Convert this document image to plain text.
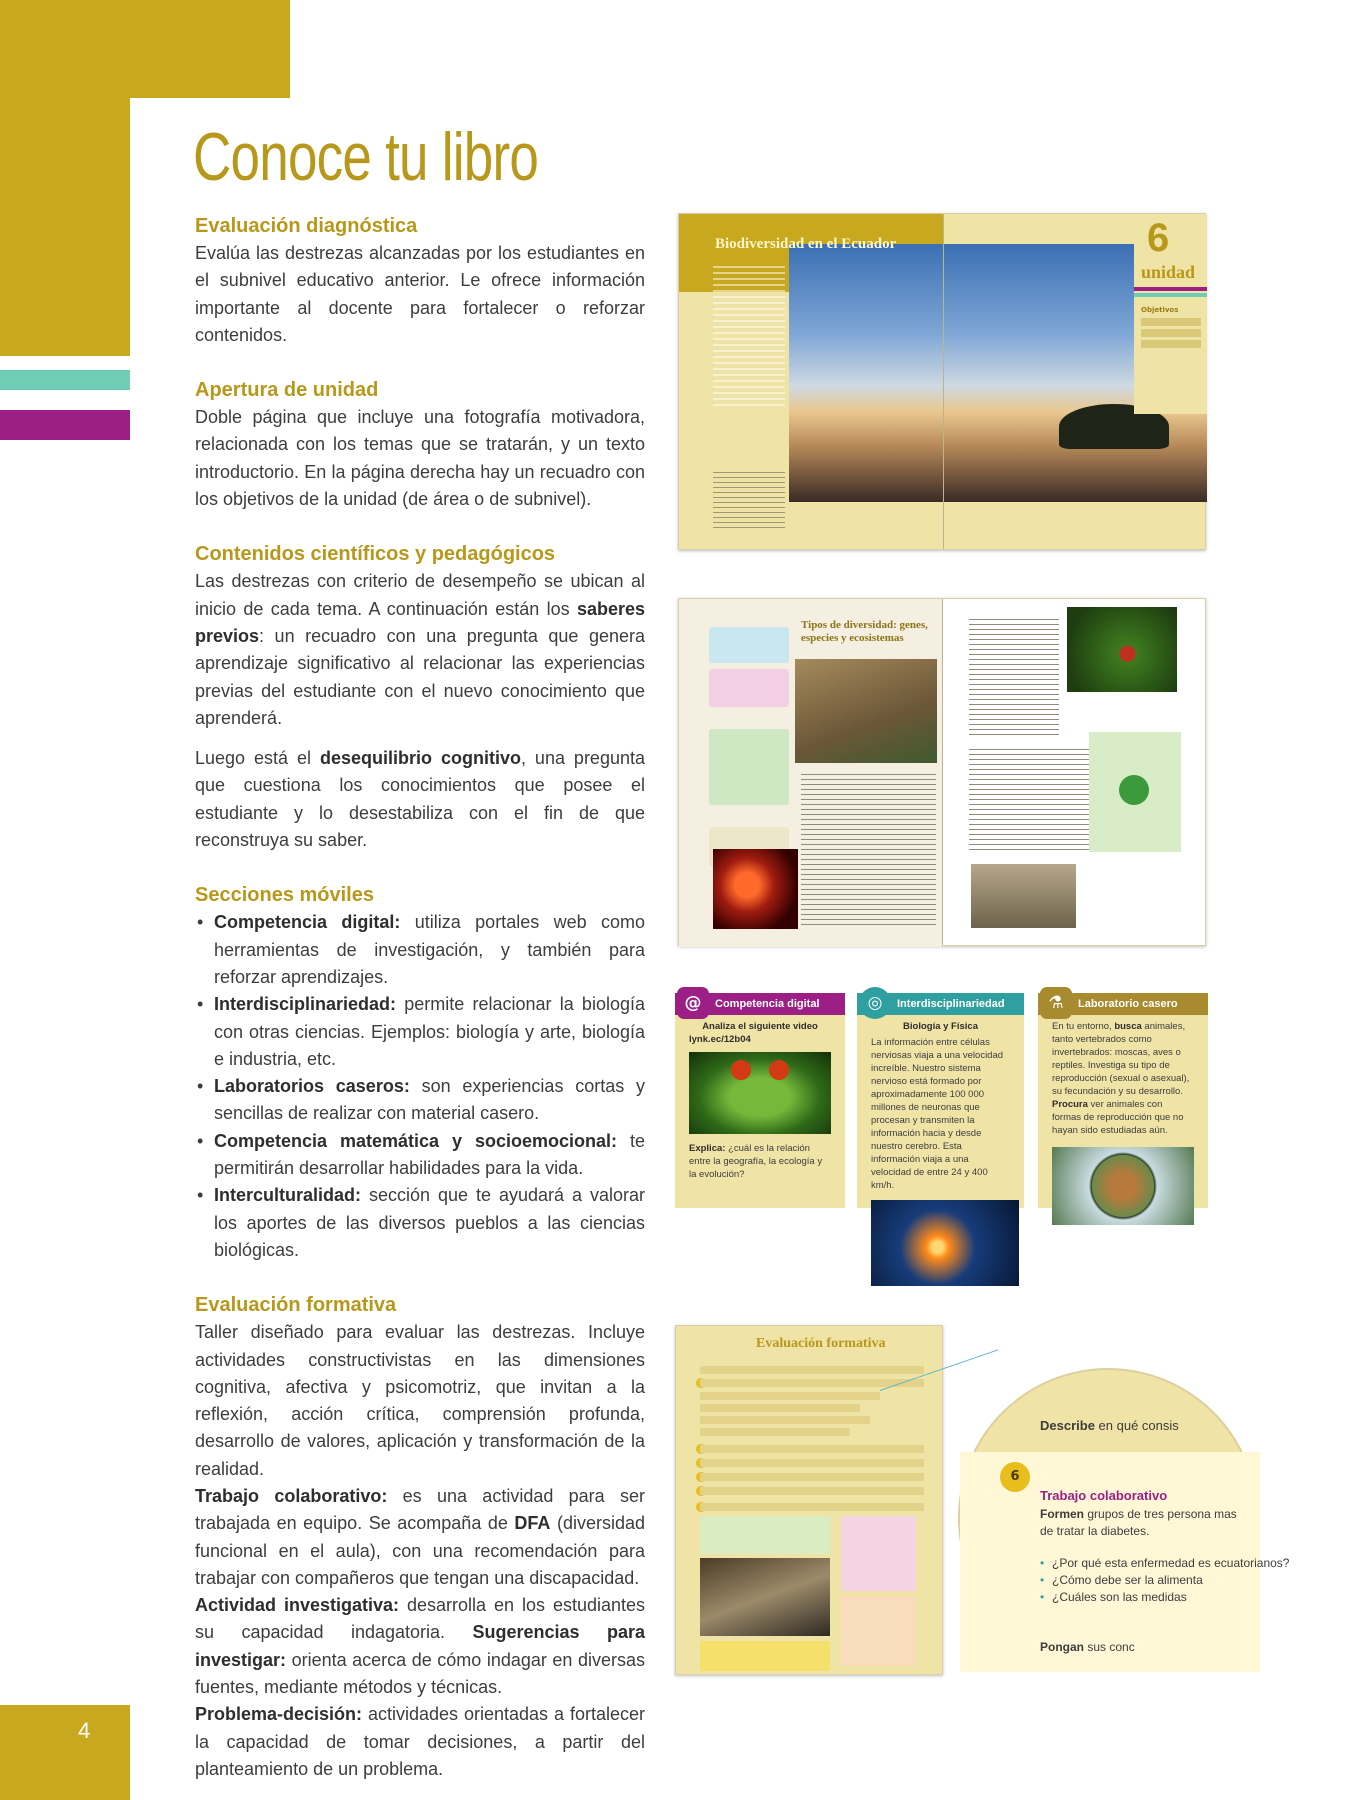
4
Conoce tu libro
Evaluación diagnóstica

Evalúa las destrezas alcanzadas por los estudiantes en el subnivel educativo anterior. Le ofrece información importante al docente para fortalecer o reforzar contenidos.

Apertura de unidad

Doble página que incluye una fotografía motivadora, relacionada con los temas que se tratarán, y un texto introductorio. En la página derecha hay un recuadro con los objetivos de la unidad (de área o de subnivel).

Contenidos científicos y pedagógicos

Las destrezas con criterio de desempeño se ubican al inicio de cada tema. A continuación están los saberes previos: un recuadro con una pregunta que genera aprendizaje significativo al relacionar las experiencias previas del estudiante con el nuevo conocimiento que aprenderá.

Luego está el desequilibrio cognitivo, una pregunta que cuestiona los conocimientos que posee el estudiante y lo desestabiliza con el fin de que reconstruya su saber.

Secciones móviles
• Competencia digital: utiliza portales web como herramientas de investigación, y también para reforzar aprendizajes.
• Interdisciplinariedad: permite relacionar la biología con otras ciencias. Ejemplos: biología y arte, biología e industria, etc.
• Laboratorios caseros: son experiencias cortas y sencillas de realizar con material casero.
• Competencia matemática y socioemocional: te permitirán desarrollar habilidades para la vida.
• Interculturalidad: sección que te ayudará a valorar los aportes de las diversos pueblos a las ciencias biológicas.
Evaluación formativa

Taller diseñado para evaluar las destrezas. Incluye actividades constructivistas en las dimensiones cognitiva, afectiva y psicomotriz, que invitan a la reflexión, acción crítica, comprensión profunda, desarrollo de valores, aplicación y transformación de la realidad.

Trabajo colaborativo: es una actividad para ser trabajada en equipo. Se acompaña de DFA (diversidad funcional en el aula), con una recomendación para trabajar con compañeros que tengan una discapacidad.

Actividad investigativa: desarrolla en los estudiantes su capacidad indagatoria. Sugerencias para investigar: orienta acerca de cómo indagar en diversas fuentes, mediante métodos y técnicas.

Problema-decisión: actividades orientadas a fortalecer la capacidad de tomar decisiones, a partir del planteamiento de un problema.

Biodiversidad en el Ecuador	6
unidad
Objetivos
Tipos de diversidad: genes, especies y ecosistemas
@	Competencia digital
Analiza el siguiente video
lynk.ec/12b04
Explica: ¿cuál es la relación entre la geografía, la ecología y la evolución?
◎	Interdisciplinariedad
Biología y Física
La información entre células nerviosas viaja a una velocidad increíble. Nuestro sistema nervioso está formado por aproximadamente 100 000 millones de neuronas que procesan y transmiten la información hacia y desde nuestro cerebro. Esta información viaja a una velocidad de entre 24 y 400 km/h.
⚗	Laboratorio casero
En tu entorno, busca animales, tanto vertebrados como invertebrados: moscas, aves o reptiles. Investiga su tipo de reproducción (sexual o asexual), su fecundación y su desarrollo. Procura ver animales con formas de reproducción que no hayan sido estudiadas aún.
Evaluación formativa
Describe en qué consis
6
Trabajo colaborativo
Formen grupos de tres persona mas de tratar la diabetes.
• ¿Por qué esta enfermedad es ecuatorianos?
• ¿Cómo debe ser la alimenta
• ¿Cuáles son las medidas
Pongan sus conc
